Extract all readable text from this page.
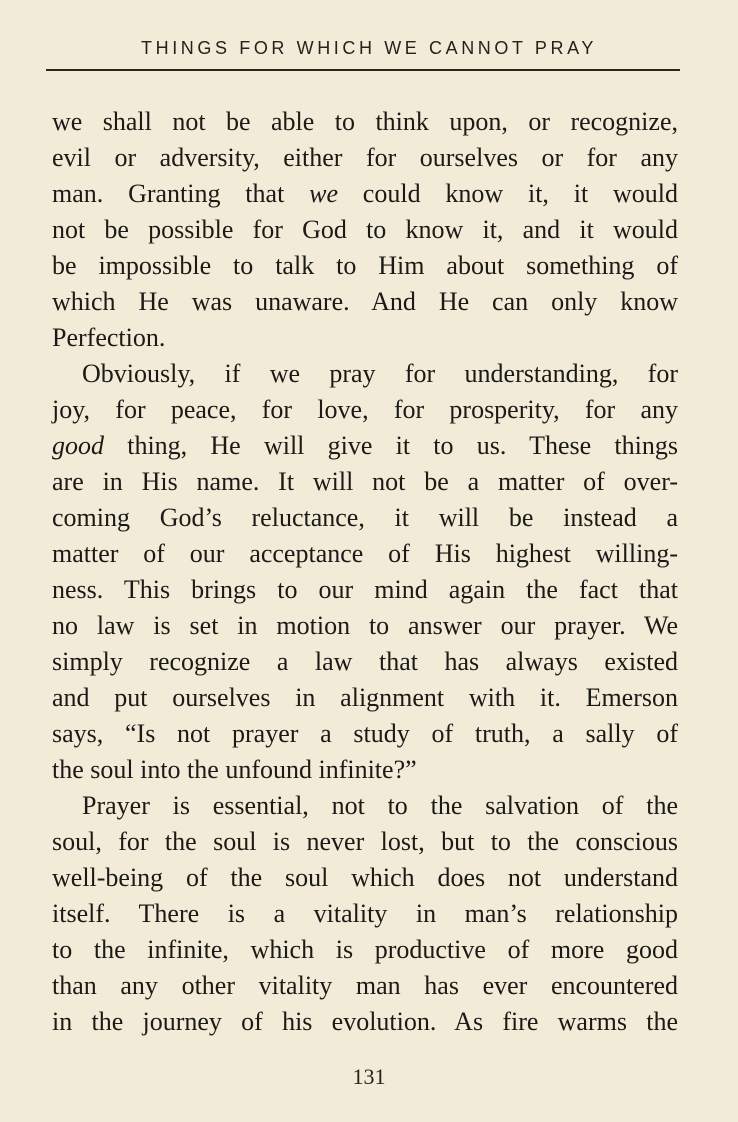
THINGS FOR WHICH WE CANNOT PRAY
we shall not be able to think upon, or recognize,
evil or adversity, either for ourselves or for any
man. Granting that we could know it, it would
not be possible for God to know it, and it would
be impossible to talk to Him about something of
which He was unaware. And He can only know
Perfection.
Obviously, if we pray for understanding, for
joy, for peace, for love, for prosperity, for any
good thing, He will give it to us. These things
are in His name. It will not be a matter of over-
coming God’s reluctance, it will be instead a
matter of our acceptance of His highest willing-
ness. This brings to our mind again the fact that
no law is set in motion to answer our prayer. We
simply recognize a law that has always existed
and put ourselves in alignment with it. Emerson
says, “Is not prayer a study of truth, a sally of
the soul into the unfound infinite?”
Prayer is essential, not to the salvation of the
soul, for the soul is never lost, but to the conscious
well-being of the soul which does not understand
itself. There is a vitality in man’s relationship
to the infinite, which is productive of more good
than any other vitality man has ever encountered
in the journey of his evolution. As fire warms the
131
